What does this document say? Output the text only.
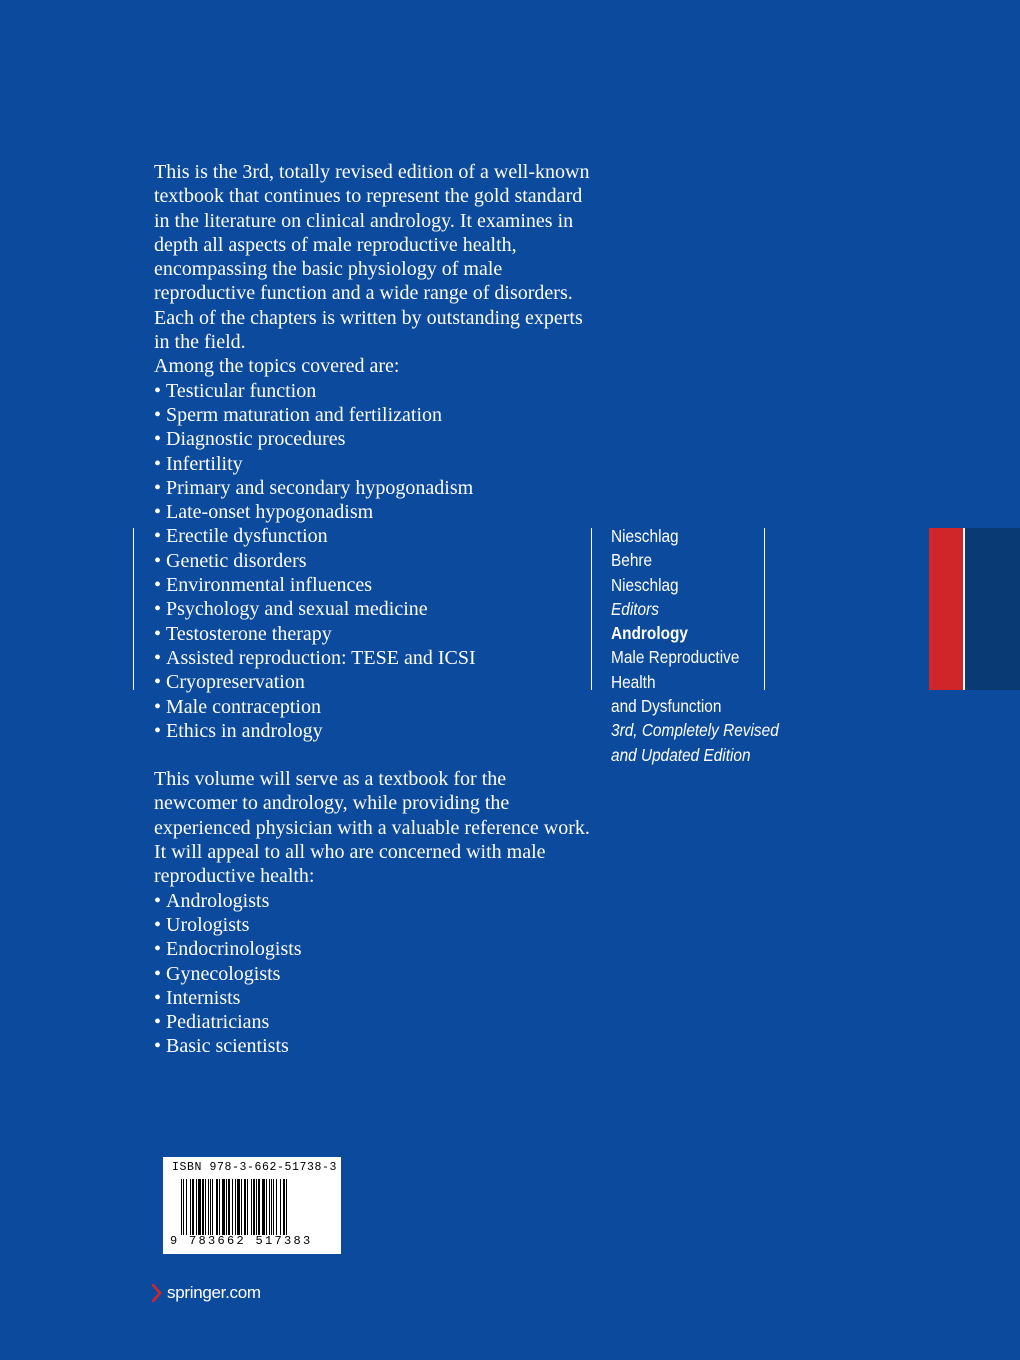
This is the 3rd, totally revised edition of a well-known textbook that continues to represent the gold standard in the literature on clinical andrology. It examines in depth all aspects of male reproductive health, encompassing the basic physiology of male reproductive function and a wide range of disorders. Each of the chapters is written by outstanding experts in the field.

Among the topics covered are:

• Testicular function
• Sperm maturation and fertilization
• Diagnostic procedures
• Infertility
• Primary and secondary hypogonadism
• Late-onset hypogonadism
• Erectile dysfunction
• Genetic disorders
• Environmental influences
• Psychology and sexual medicine
• Testosterone therapy
• Assisted reproduction: TESE and ICSI
• Cryopreservation
• Male contraception
• Ethics in andrology

This volume will serve as a textbook for the newcomer to andrology, while providing the experienced physician with a valuable reference work. It will appeal to all who are concerned with male reproductive health:

• Andrologists
• Urologists
• Endocrinologists
• Gynecologists
• Internists
• Pediatricians
• Basic scientists
Nieschlag
Behre
Nieschlag
Editors
Andrology
Male Reproductive
Health
and Dysfunction
3rd, Completely Revised
and Updated Edition
ISBN 978-3-662-51738-3
9 783662 517383
springer.com
